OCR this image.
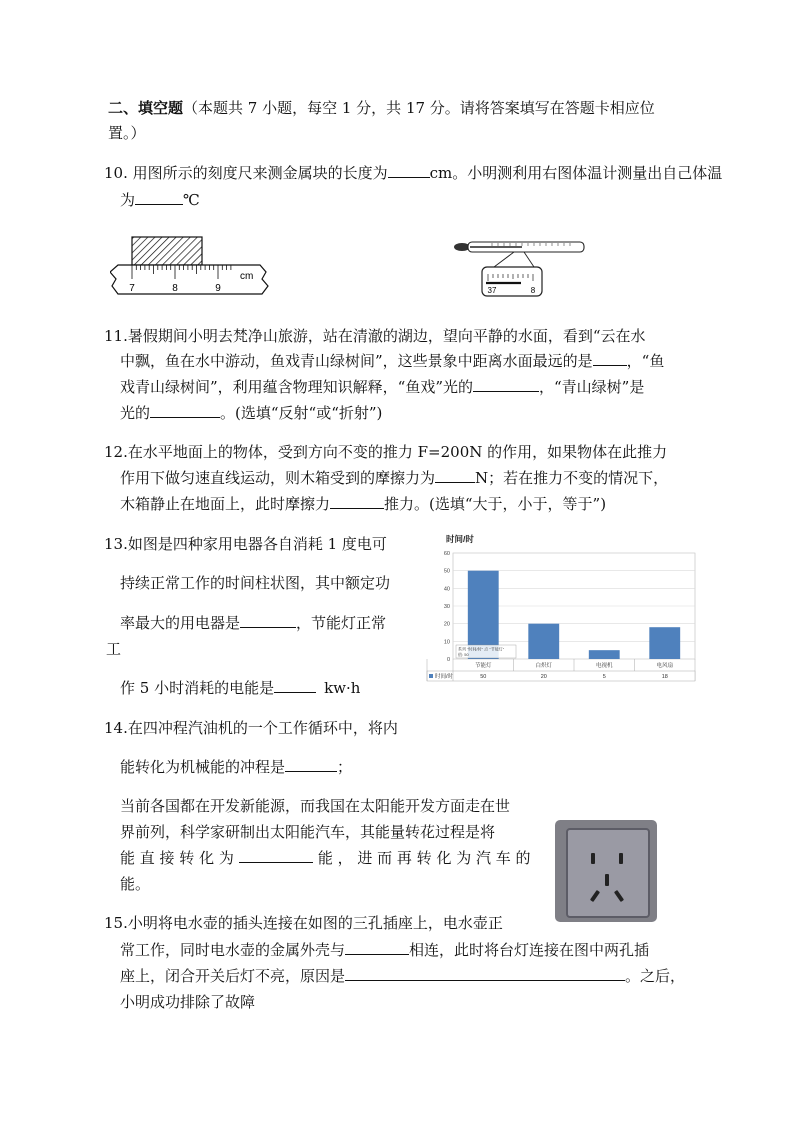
二、填空题（本题共 7 小题，每空 1 分，共 17 分。请将答案填写在答题卡相应位
置。）
10. 用图所示的刻度尺来测金属块的长度为	cm。小明测利用右图体温计测量出自己体温
为	℃
7	8	9
cm
37	8
11.暑假期间小明去梵净山旅游，站在清澈的湖边，望向平静的水面，看到“云在水
中飘，鱼在水中游动，鱼戏青山绿树间”，这些景象中距离水面最远的是 ，“鱼
戏青山绿树间”，利用蕴含物理知识解释，“鱼戏”光的	，“青山绿树”是
光的	。(选填“反射“或“折射”)
12.在水平地面上的物体，受到方向不变的推力 F=200N 的作用，如果物体在此推力
作用下做匀速直线运动，则木箱受到的摩擦力为	N；若在推力不变的情况下，
木箱静止在地面上，此时摩擦力	推力。(选填“大于，小于，等于”)
13.如图是四种家用电器各自消耗 1 度电可
持续正常工作的时间柱状图，其中额定功
率最大的用电器是	，节能灯正常
工
作 5 小时消耗的电能是	kw·h
时间/时
0
10
20
30
40
50
60
系列 "时间/时" 点 "节能灯"
值: 50
节能灯	白炽灯	电视机	电风扇
时间/时	50	20	5	18
14.在四冲程汽油机的一个工作循环中，将内
能转化为机械能的冲程是	；
当前各国都在开发新能源，而我国在太阳能开发方面走在世
界前列，科学家研制出太阳能汽车，其能量转花过程是将
能 直 接 转 化 为	能 ， 进 而 再 转 化 为 汽 车 的
能。
15.小明将电水壶的插头连接在如图的三孔插座上，电水壶正
常工作，同时电水壶的金属外壳与	相连，此时将台灯连接在图中两孔插
座上，闭合开关后灯不亮，原因是	。之后，
小明成功排除了故障
